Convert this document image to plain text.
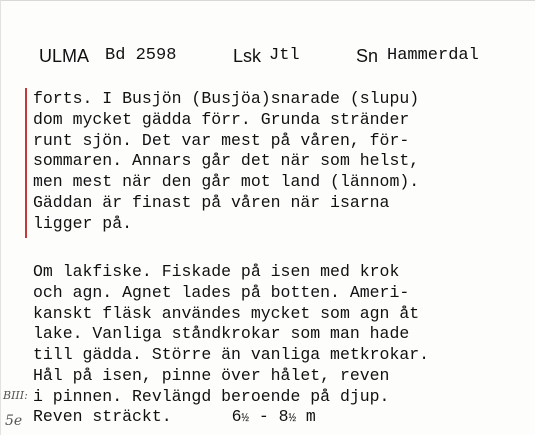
ULMA Bd 2598	Lsk Jtl	Sn Hammerdal
forts. I Busjön (Busjöa)snarade (slupu)
dom mycket gädda förr. Grunda stränder
runt sjön. Det var mest på våren, för-
sommaren. Annars går det när som helst,
men mest när den går mot land (lännom).
Gäddan är finast på våren när isarna
ligger på.
Om lakfiske. Fiskade på isen med krok
och agn. Agnet lades på botten. Ameri-
kanskt fläsk användes mycket som agn åt
lake. Vanliga ståndkrokar som man hade
till gädda. Större än vanliga metkrokar.
Hål på isen, pinne över hålet, reven
i pinnen. Revlängd beroende på djup.
Reven sträckt.	6½ - 8½ m
BIII:
5e
